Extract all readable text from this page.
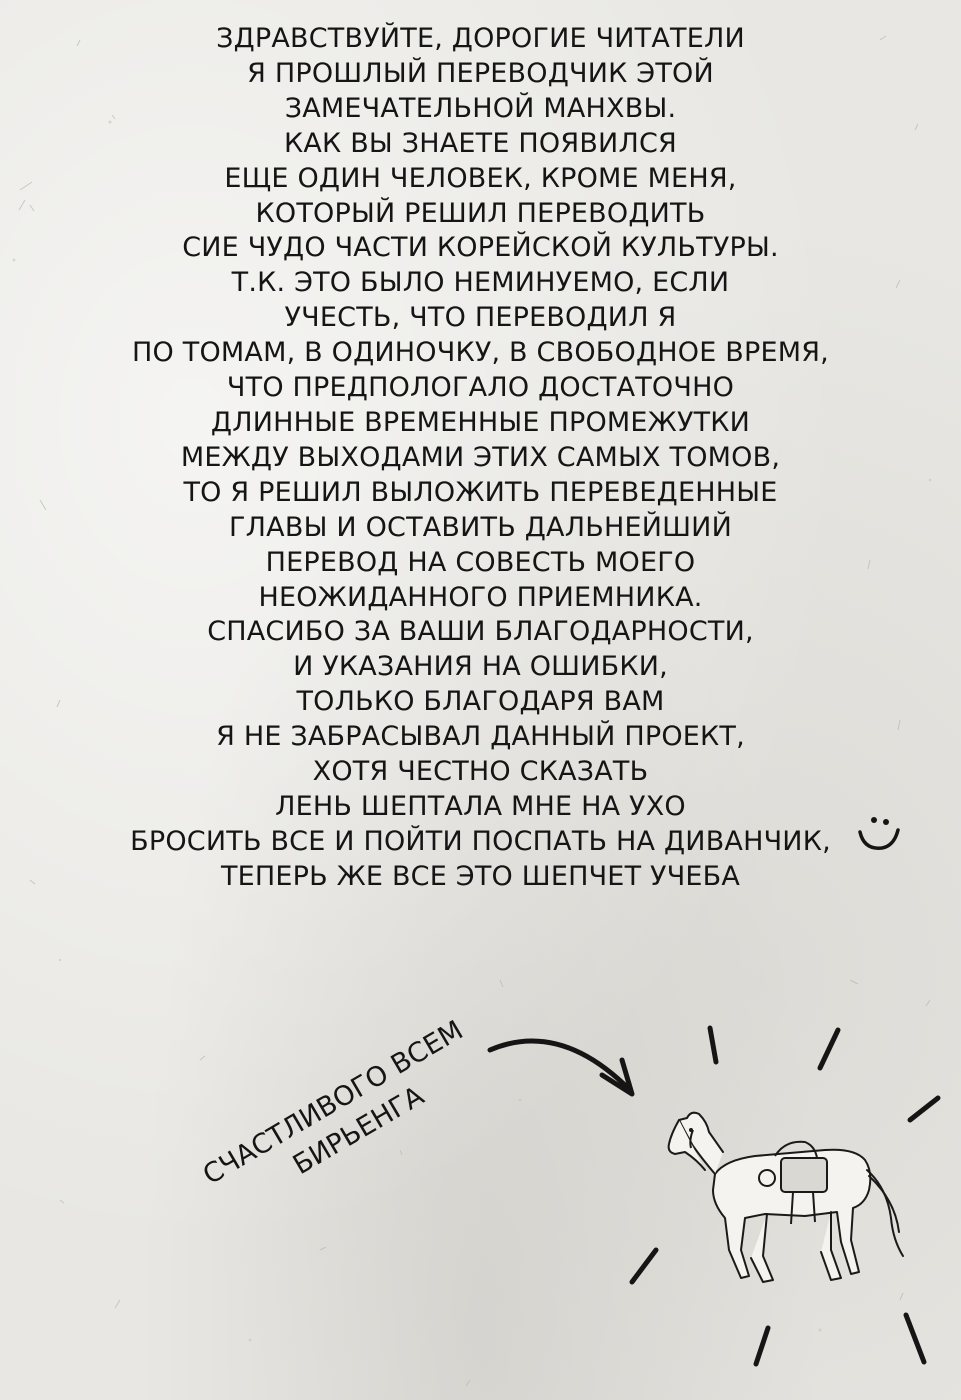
ЗДРАВСТВУЙТЕ, ДОРОГИЕ ЧИТАТЕЛИ
Я ПРОШЛЫЙ ПЕРЕВОДЧИК ЭТОЙ
ЗАМЕЧАТЕЛЬНОЙ МАНХВЫ.
КАК ВЫ ЗНАЕТЕ ПОЯВИЛСЯ
ЕЩЕ ОДИН ЧЕЛОВЕК, КРОМЕ МЕНЯ,
КОТОРЫЙ РЕШИЛ ПЕРЕВОДИТЬ
СИЕ ЧУДО ЧАСТИ КОРЕЙСКОЙ КУЛЬТУРЫ.
Т.К. ЭТО БЫЛО НЕМИНУЕМО, ЕСЛИ
УЧЕСТЬ, ЧТО ПЕРЕВОДИЛ Я
ПО ТОМАМ, В ОДИНОЧКУ, В СВОБОДНОЕ ВРЕМЯ,
ЧТО ПРЕДПОЛОГАЛО ДОСТАТОЧНО
ДЛИННЫЕ ВРЕМЕННЫЕ ПРОМЕЖУТКИ
МЕЖДУ ВЫХОДАМИ ЭТИХ САМЫХ ТОМОВ,
ТО Я РЕШИЛ ВЫЛОЖИТЬ ПЕРЕВЕДЕННЫЕ
ГЛАВЫ И ОСТАВИТЬ ДАЛЬНЕЙШИЙ
ПЕРЕВОД НА СОВЕСТЬ МОЕГО
НЕОЖИДАННОГО ПРИЕМНИКА.
СПАСИБО ЗА ВАШИ БЛАГОДАРНОСТИ,
И УКАЗАНИЯ НА ОШИБКИ,
ТОЛЬКО БЛАГОДАРЯ ВАМ
Я НЕ ЗАБРАСЫВАЛ ДАННЫЙ ПРОЕКТ,
ХОТЯ ЧЕСТНО СКАЗАТЬ
ЛЕНЬ ШЕПТАЛА МНЕ НА УХО
БРОСИТЬ ВСЕ И ПОЙТИ ПОСПАТЬ НА ДИВАНЧИК,
ТЕПЕРЬ ЖЕ ВСЕ ЭТО ШЕПЧЕТ УЧЕБА
СЧАСТЛИВОГО ВСЕМ
БИРЬЕНГА
